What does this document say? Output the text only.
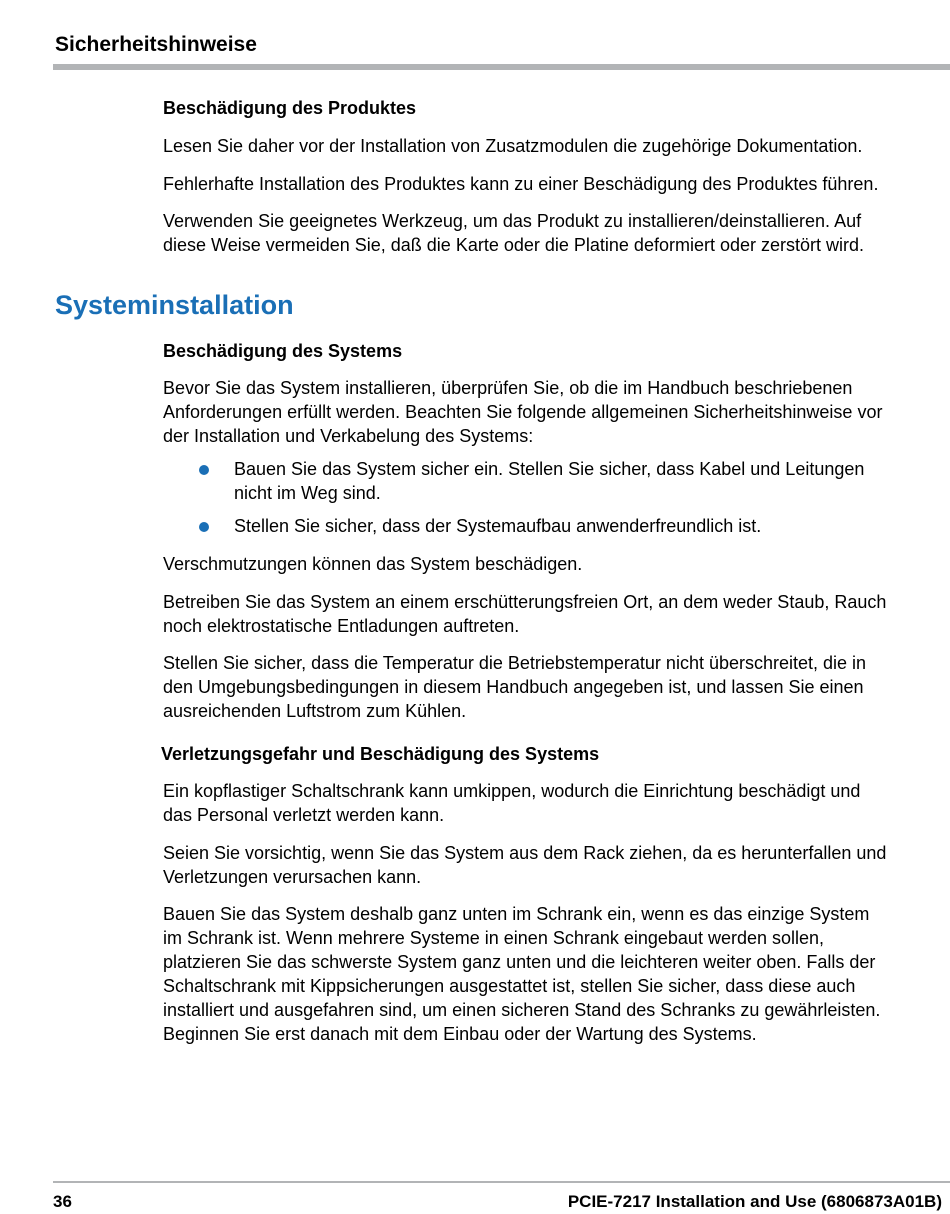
Sicherheitshinweise
Beschädigung des Produktes
Lesen Sie daher vor der Installation von Zusatzmodulen die zugehörige Dokumentation.
Fehlerhafte Installation des Produktes kann zu einer Beschädigung des Produktes führen.
Verwenden Sie geeignetes Werkzeug, um das Produkt zu installieren/deinstallieren. Auf
diese Weise vermeiden Sie, daß die Karte oder die Platine deformiert oder zerstört wird.
Systeminstallation
Beschädigung des Systems
Bevor Sie das System installieren, überprüfen Sie, ob die im Handbuch beschriebenen
Anforderungen erfüllt werden. Beachten Sie folgende allgemeinen Sicherheitshinweise vor
der Installation und Verkabelung des Systems:
Bauen Sie das System sicher ein. Stellen Sie sicher, dass Kabel und Leitungen
nicht im Weg sind.
Stellen Sie sicher, dass der Systemaufbau anwenderfreundlich ist.
Verschmutzungen können das System beschädigen.
Betreiben Sie das System an einem erschütterungsfreien Ort, an dem weder Staub, Rauch
noch elektrostatische Entladungen auftreten.
Stellen Sie sicher, dass die Temperatur die Betriebstemperatur nicht überschreitet, die in
den Umgebungsbedingungen in diesem Handbuch angegeben ist, und lassen Sie einen
ausreichenden Luftstrom zum Kühlen.
Verletzungsgefahr und Beschädigung des Systems
Ein kopflastiger Schaltschrank kann umkippen, wodurch die Einrichtung beschädigt und
das Personal verletzt werden kann.
Seien Sie vorsichtig, wenn Sie das System aus dem Rack ziehen, da es herunterfallen und
Verletzungen verursachen kann.
Bauen Sie das System deshalb ganz unten im Schrank ein, wenn es das einzige System
im Schrank ist. Wenn mehrere Systeme in einen Schrank eingebaut werden sollen,
platzieren Sie das schwerste System ganz unten und die leichteren weiter oben. Falls der
Schaltschrank mit Kippsicherungen ausgestattet ist, stellen Sie sicher, dass diese auch
installiert und ausgefahren sind, um einen sicheren Stand des Schranks zu gewährleisten.
Beginnen Sie erst danach mit dem Einbau oder der Wartung des Systems.
36	PCIE-7217 Installation and Use (6806873A01B)
